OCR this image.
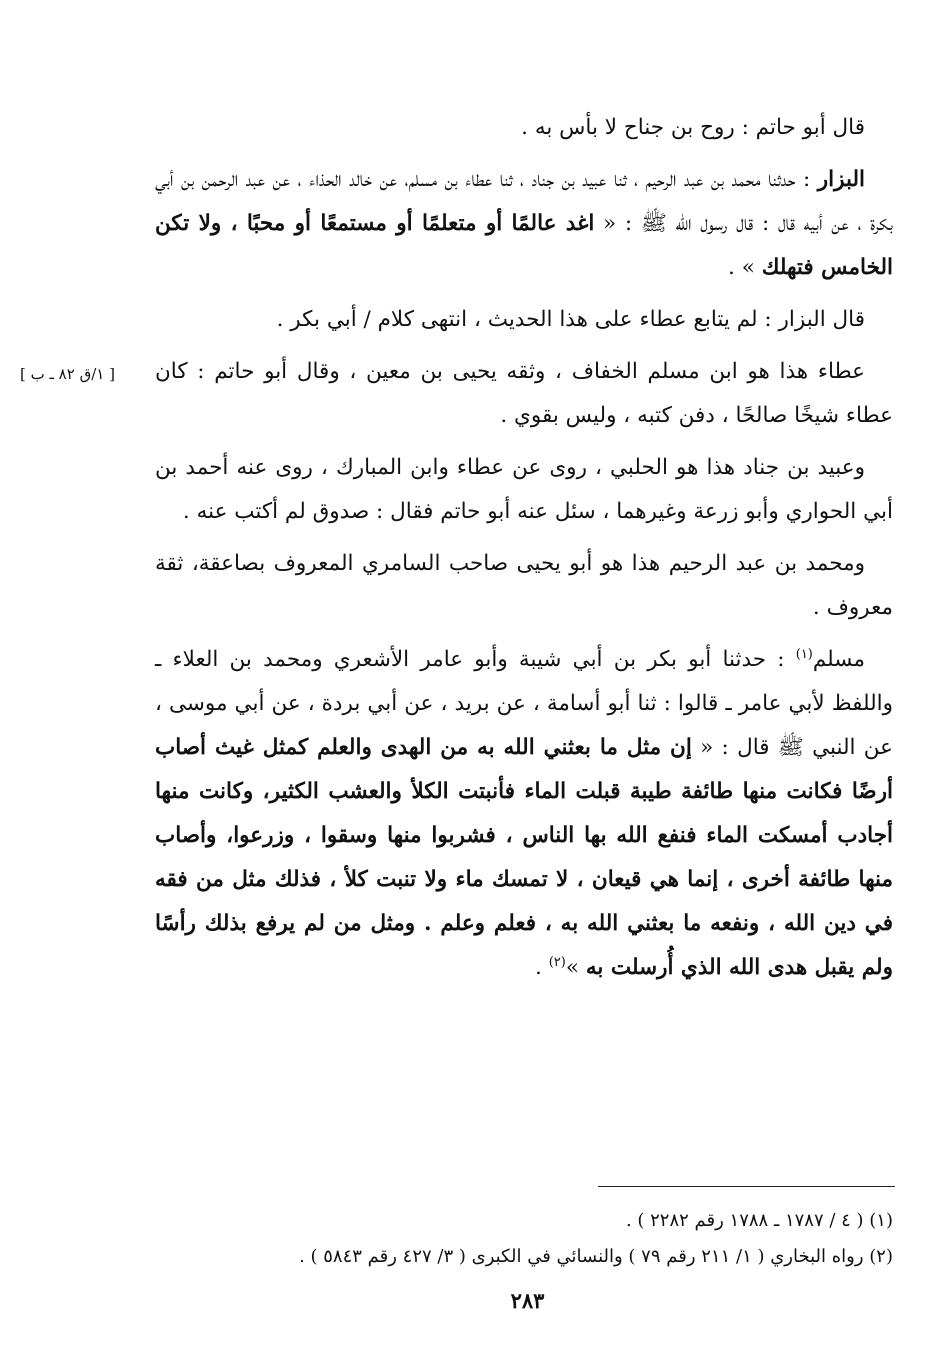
[ ١/ق ٨٢ ـ ب ]

قال أبو حاتم : روح بن جناح لا بأس به .

البزار : حدثنا محمد بن عبد الرحيم ، ثنا عبيد بن جناد ، ثنا عطاء بن مسلم، عن خالد الحذاء ، عن عبد الرحمن بن أبي بكرة ، عن أبيه قال : قال رسول الله ﷺ : « اغد عالمًا أو متعلمًا أو مستمعًا أو محبًا ، ولا تكن الخامس فتهلك » .

قال البزار : لم يتابع عطاء على هذا الحديث ، انتهى كلام / أبي بكر .

عطاء هذا هو ابن مسلم الخفاف ، وثقه يحيى بن معين ، وقال أبو حاتم : كان عطاء شيخًا صالحًا ، دفن كتبه ، وليس بقوي .

وعبيد بن جناد هذا هو الحلبي ، روى عن عطاء وابن المبارك ، روى عنه أحمد بن أبي الحواري وأبو زرعة وغيرهما ، سئل عنه أبو حاتم فقال : صدوق لم أكتب عنه .

ومحمد بن عبد الرحيم هذا هو أبو يحيى صاحب السامري المعروف بصاعقة، ثقة معروف .

مسلم$^{(١)}$ : حدثنا أبو بكر بن أبي شيبة وأبو عامر الأشعري ومحمد بن العلاء ـ واللفظ لأبي عامر ـ قالوا : ثنا أبو أسامة ، عن بريد ، عن أبي بردة ، عن أبي موسى ، عن النبي ﷺ قال : « إن مثل ما بعثني الله به من الهدى والعلم كمثل غيث أصاب أرضًا فكانت منها طائفة طيبة قبلت الماء فأنبتت الكلأ والعشب الكثير، وكانت منها أجادب أمسكت الماء فنفع الله بها الناس ، فشربوا منها وسقوا ، وزرعوا، وأصاب منها طائفة أخرى ، إنما هي قيعان ، لا تمسك ماء ولا تنبت كلأ ، فذلك مثل من فقه في دين الله ، ونفعه ما بعثني الله به ، فعلم وعلم . ومثل من لم يرفع بذلك رأسًا ولم يقبل هدى الله الذي أُرسلت به »$^{(٢)}$ .

(١) ( ٤ / ١٧٨٧ ـ ١٧٨٨ رقم ٢٢٨٢ ) .

(٢) رواه البخاري ( ١/ ٢١١ رقم ٧٩ ) والنسائي في الكبرى ( ٣/ ٤٢٧ رقم ٥٨٤٣ ) .

٢٨٣
